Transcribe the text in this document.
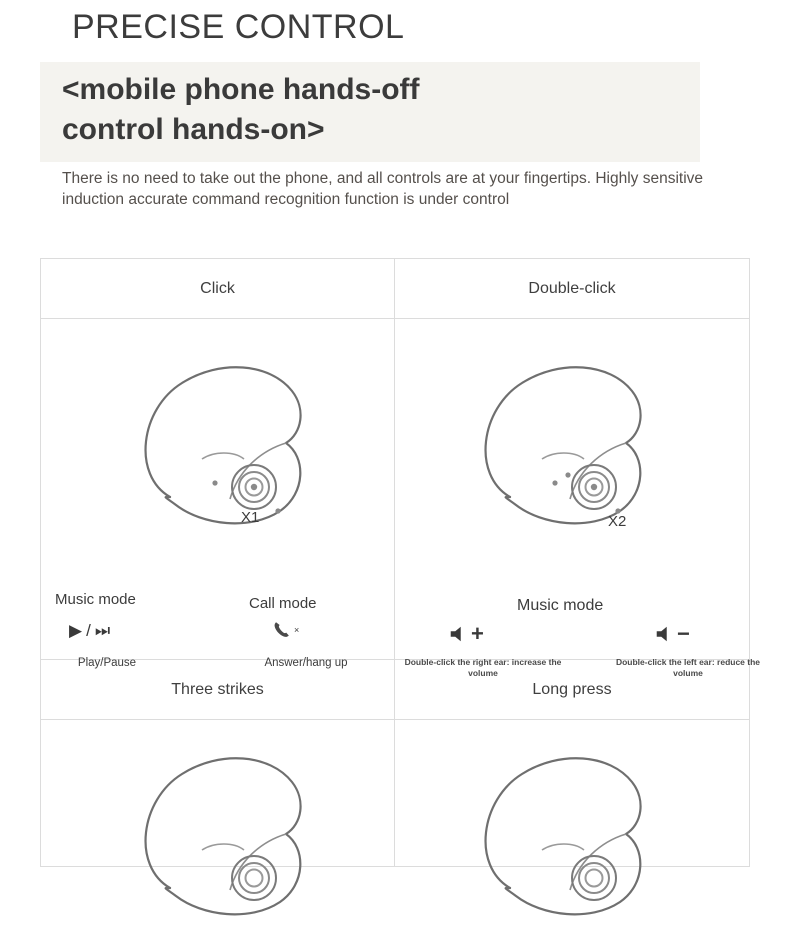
PRECISE CONTROL
<mobile phone hands-off
control hands-on>
There is no need to take out the phone, and all controls are at your fingertips. Highly sensitive induction accurate command recognition function is under control
Click	Double-click
X1
Music mode	Call mode
▶ / ⏭	×
Play/Pause	Answer/hang up
X2
Music mode
+	−
Double-click the right ear: increase the volume
Double-click the left ear: reduce the volume
Three strikes	Long press
